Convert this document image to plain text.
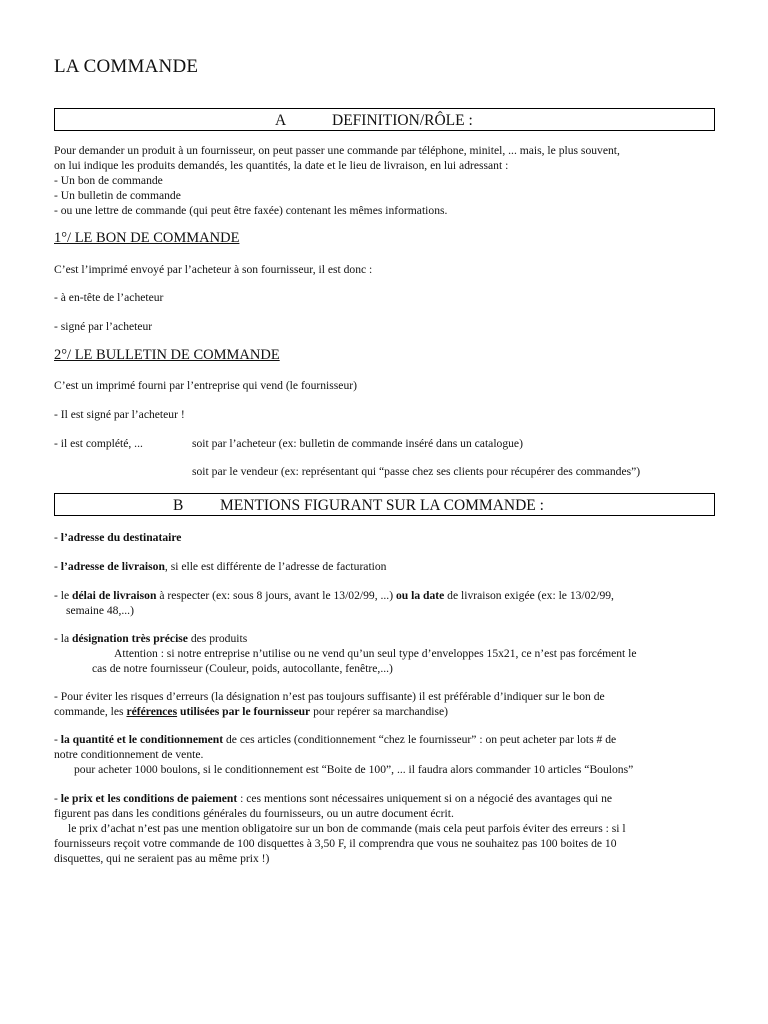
LA COMMANDE
A	DEFINITION/RÔLE :
Pour demander un produit à un fournisseur, on peut passer une commande par téléphone, minitel, ... mais, le plus souvent,
on lui indique les produits demandés, les quantités, la date et le lieu de livraison, en lui adressant :
- Un bon de commande
- Un bulletin de commande
- ou une lettre de commande (qui peut être faxée) contenant les mêmes informations.
1°/ LE BON DE COMMANDE
C’est l’imprimé envoyé par l’acheteur à son fournisseur, il est donc :
- à en-tête de l’acheteur
- signé par l’acheteur
2°/ LE BULLETIN DE COMMANDE
C’est un imprimé fourni par l’entreprise qui vend (le fournisseur)
- Il est signé par l’acheteur !
- il est complété, ...	soit par l’acheteur (ex: bulletin de commande inséré dans un catalogue)
soit par le vendeur (ex: représentant qui “passe chez ses clients pour récupérer des commandes”)
B MENTIONS FIGURANT SUR LA COMMANDE :
- l’adresse du destinataire
- l’adresse de livraison, si elle est différente de l’adresse de facturation
- le délai de livraison à respecter (ex: sous 8 jours, avant le 13/02/99, ...) ou la date de livraison exigée (ex: le 13/02/99,
semaine 48,...)
- la désignation très précise des produits
Attention : si notre entreprise n’utilise ou ne vend qu’un seul type d’enveloppes 15x21, ce n’est pas forcément le
cas de notre fournisseur (Couleur, poids, autocollante, fenêtre,...)
- Pour éviter les risques d’erreurs (la désignation n’est pas toujours suffisante) il est préférable d’indiquer sur le bon de
commande, les références utilisées par le fournisseur pour repérer sa marchandise)
- la quantité et le conditionnement de ces articles (conditionnement “chez le fournisseur” : on peut acheter par lots # de
notre conditionnement de vente.
pour acheter 1000 boulons, si le conditionnement est “Boite de 100”, ... il faudra alors commander 10 articles “Boulons”
- le prix et les conditions de paiement : ces mentions sont nécessaires uniquement si on a négocié des avantages qui ne
figurent pas dans les conditions générales du fournisseurs, ou un autre document écrit.
le prix d’achat n’est pas une mention obligatoire sur un bon de commande (mais cela peut parfois éviter des erreurs : si l
fournisseurs reçoit votre commande de 100 disquettes à 3,50 F, il comprendra que vous ne souhaitez pas 100 boites de 10
disquettes, qui ne seraient pas au même prix !)
